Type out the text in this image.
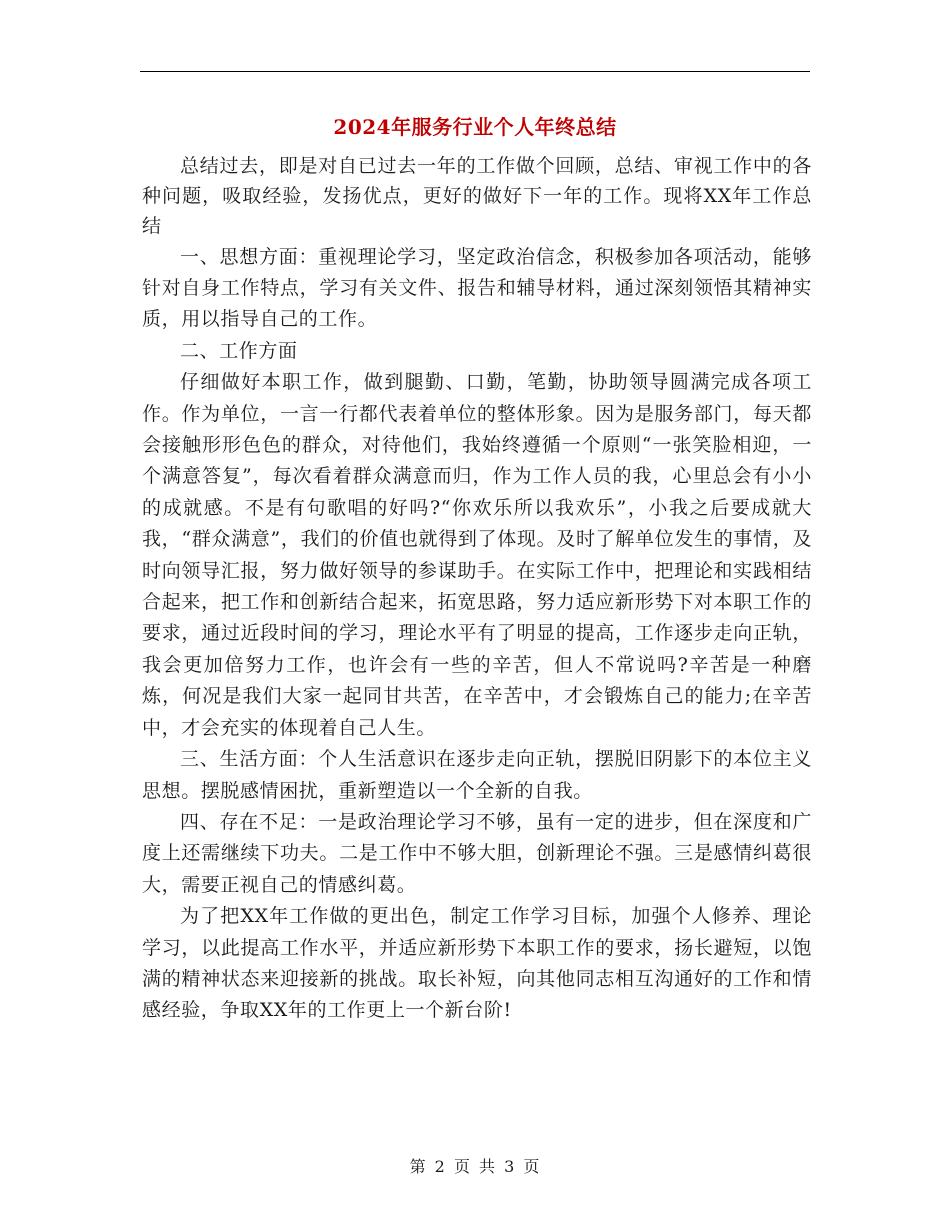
2024年服务行业个人年终总结

总结过去，即是对自已过去一年的工作做个回顾，总结、审视工作中的各种问题，吸取经验，发扬优点，更好的做好下一年的工作。现将XX年工作总结

一、思想方面：重视理论学习，坚定政治信念，积极参加各项活动，能够针对自身工作特点，学习有关文件、报告和辅导材料，通过深刻领悟其精神实质，用以指导自己的工作。

二、工作方面

仔细做好本职工作，做到腿勤、口勤，笔勤，协助领导圆满完成各项工作。作为单位，一言一行都代表着单位的整体形象。因为是服务部门，每天都会接触形形色色的群众，对待他们，我始终遵循一个原则“一张笑脸相迎，一个满意答复”，每次看着群众满意而归，作为工作人员的我，心里总会有小小的成就感。不是有句歌唱的好吗?“你欢乐所以我欢乐”，小我之后要成就大我，“群众满意”，我们的价值也就得到了体现。及时了解单位发生的事情，及时向领导汇报，努力做好领导的参谋助手。在实际工作中，把理论和实践相结合起来，把工作和创新结合起来，拓宽思路，努力适应新形势下对本职工作的要求，通过近段时间的学习，理论水平有了明显的提高，工作逐步走向正轨，我会更加倍努力工作，也许会有一些的辛苦，但人不常说吗?辛苦是一种磨炼，何况是我们大家一起同甘共苦，在辛苦中，才会锻炼自己的能力;在辛苦中，才会充实的体现着自己人生。

三、生活方面：个人生活意识在逐步走向正轨，摆脱旧阴影下的本位主义思想。摆脱感情困扰，重新塑造以一个全新的自我。

四、存在不足：一是政治理论学习不够，虽有一定的进步，但在深度和广度上还需继续下功夫。二是工作中不够大胆，创新理论不强。三是感情纠葛很大，需要正视自己的情感纠葛。

为了把XX年工作做的更出色，制定工作学习目标，加强个人修养、理论学习，以此提高工作水平，并适应新形势下本职工作的要求，扬长避短，以饱满的精神状态来迎接新的挑战。取长补短，向其他同志相互沟通好的工作和情感经验，争取XX年的工作更上一个新台阶!

第 2 页 共 3 页
